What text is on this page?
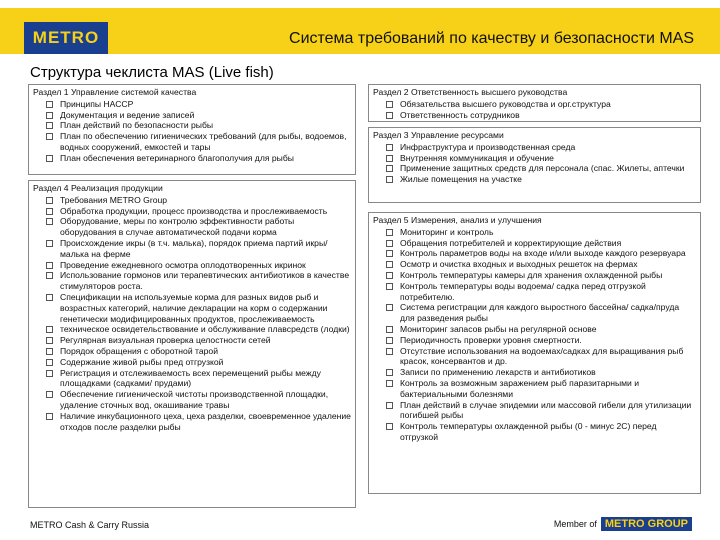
METRO	Система требований по качеству и безопасности MAS
Структура чеклиста MAS (Live fish)
Раздел 1 Управление системой качества
Принципы НАССР
Документация и ведение записей
План действий по безопасности рыбы
План по обеспечению гигиенических требований (для рыбы, водоемов, водных сооружений, емкостей и тары
План обеспечения ветеринарного благополучия для рыбы
Раздел 4 Реализация продукции
Требования METRO Group
Обработка продукции, процесс производства и прослеживаемость
Оборудование, меры по контролю эффективности работы оборудования в случае автоматической подачи корма
Происхождение икры (в т.ч. малька), порядок приема партий икры/ малька на ферме
Проведение ежедневного осмотра оплодотворенных икринок
Использование гормонов или терапевтических антибиотиков в качестве стимуляторов роста.
Спецификации на используемые корма для разных видов рыб и возрастных категорий, наличие декларации на корм о содержании генетически модифицированных продуктов, прослеживаемость
техническое освидетельствование и обслуживание плавсредств (лодки)
Регулярная визуальная проверка целостности сетей
Порядок обращения с оборотной тарой
Содержание живой рыбы пред отгрузкой
Регистрация и отслеживаемость всех перемещений рыбы между площадками (садками/ прудами)
Обеспечение гигиенической чистоты производственной площадки, удаление сточных вод, окашивание травы
Наличие инкубационного цеха, цеха разделки, своевременное удаление отходов после разделки рыбы
Раздел 2 Ответственность высшего руководства
Обязательства высшего руководства и орг.структура
Ответственность сотрудников
Раздел 3 Управление ресурсами
Инфраструктура и производственная среда
Внутренняя коммуникация и обучение
Применение защитных средств для персонала (спас. Жилеты, аптечки
Жилые помещения на участке
Раздел 5 Измерения, анализ и улучшения
Мониторинг и контроль
Обращения потребителей и корректирующие действия
Контроль параметров воды на входе и/или выходе каждого резервуара
Осмотр и очистка входных и выходных решеток на фермах
Контроль температуры камеры для хранения охлажденной рыбы
Контроль температуры воды водоема/ садка перед отгрузкой потребителю.
Система регистрации для каждого выростного бассейна/ садка/пруда для разведения рыбы
Мониторинг запасов рыбы на регулярной основе
Периодичность проверки уровня смертности.
Отсутствие использования на водоемах/садках для выращивания рыб красок, консервантов и др.
Записи по применению лекарств и антибиотиков
Контроль за возможным заражением рыб паразитарными и бактериальными болезнями
План действий в случае эпидемии или массовой гибели для утилизации погибшей рыбы
Контроль температуры охлажденной рыбы (0 - минус 2С) перед отгрузкой
METRO Cash & Carry Russia	Member of METRO GROUP
